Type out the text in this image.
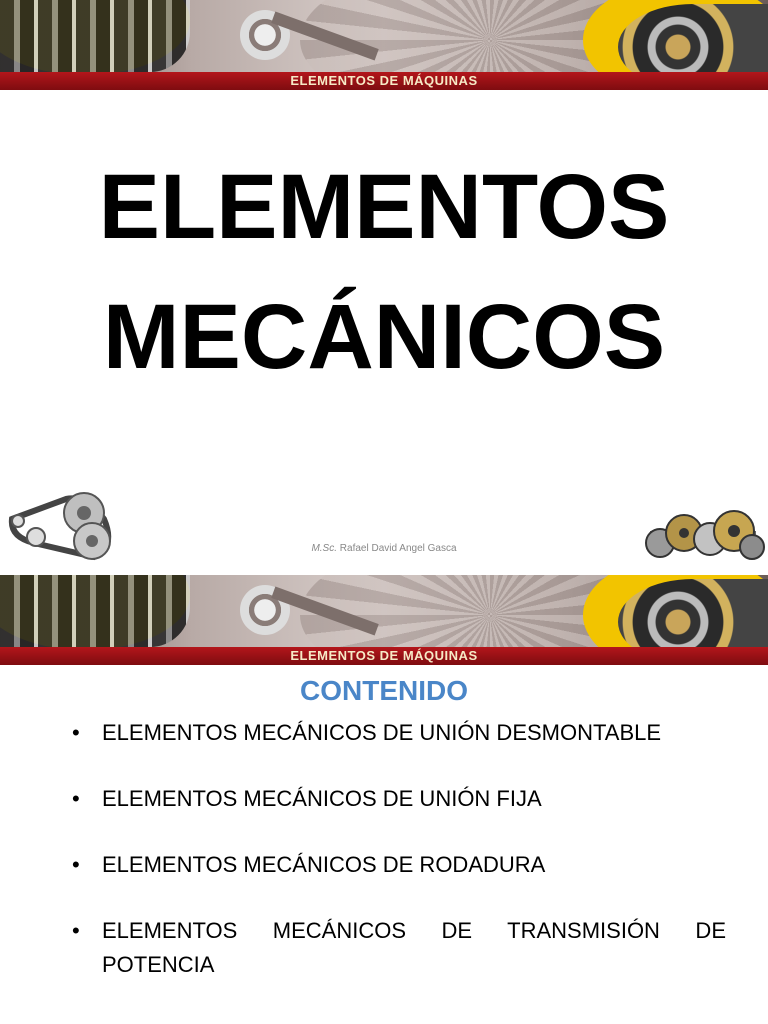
ELEMENTOS DE MÁQUINAS
ELEMENTOS
MECÁNICOS
M.Sc. Rafael David Angel Gasca
ELEMENTOS DE MÁQUINAS
CONTENIDO
• ELEMENTOS MECÁNICOS DE UNIÓN DESMONTABLE
• ELEMENTOS MECÁNICOS DE UNIÓN FIJA
• ELEMENTOS MECÁNICOS DE RODADURA
• ELEMENTOS MECÁNICOS DE TRANSMISIÓN DE POTENCIA
